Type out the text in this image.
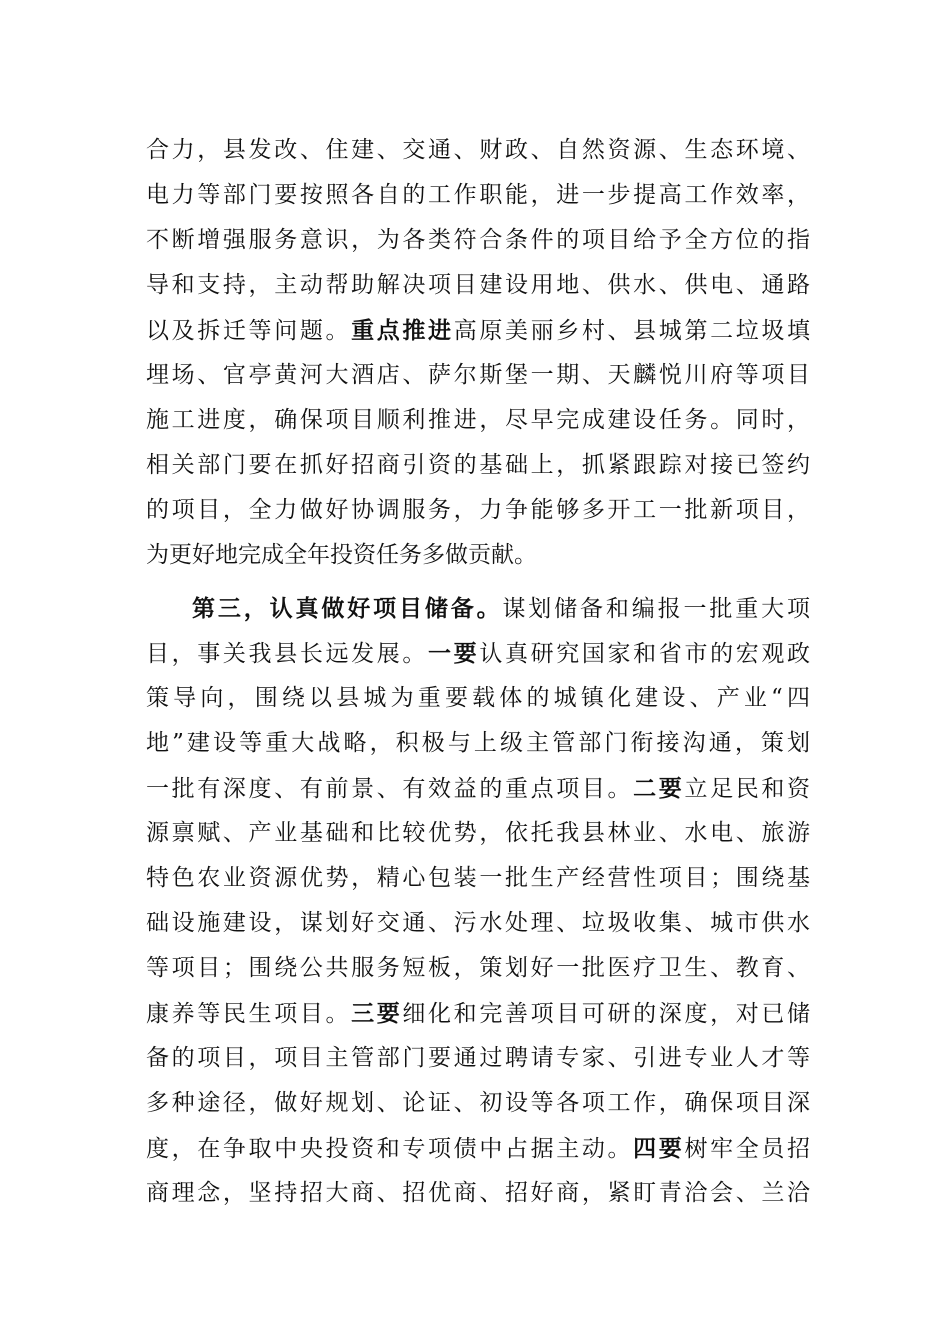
合力，县发改、住建、交通、财政、自然资源、生态环境、
电力等部门要按照各自的工作职能，进一步提高工作效率，
不断增强服务意识，为各类符合条件的项目给予全方位的指
导和支持，主动帮助解决项目建设用地、供水、供电、通路
以及拆迁等问题。重点推进高原美丽乡村、县城第二垃圾填
埋场、官亭黄河大酒店、萨尔斯堡一期、天麟悦川府等项目
施工进度，确保项目顺利推进，尽早完成建设任务。同时，
相关部门要在抓好招商引资的基础上，抓紧跟踪对接已签约
的项目，全力做好协调服务，力争能够多开工一批新项目，
为更好地完成全年投资任务多做贡献。
第三，认真做好项目储备。谋划储备和编报一批重大项
目，事关我县长远发展。一要认真研究国家和省市的宏观政
策导向，围绕以县城为重要载体的城镇化建设、产业“四
地”建设等重大战略，积极与上级主管部门衔接沟通，策划
一批有深度、有前景、有效益的重点项目。二要立足民和资
源禀赋、产业基础和比较优势，依托我县林业、水电、旅游
特色农业资源优势，精心包装一批生产经营性项目；围绕基
础设施建设，谋划好交通、污水处理、垃圾收集、城市供水
等项目；围绕公共服务短板，策划好一批医疗卫生、教育、
康养等民生项目。三要细化和完善项目可研的深度，对已储
备的项目，项目主管部门要通过聘请专家、引进专业人才等
多种途径，做好规划、论证、初设等各项工作，确保项目深
度，在争取中央投资和专项债中占据主动。四要树牢全员招
商理念，坚持招大商、招优商、招好商，紧盯青洽会、兰洽
